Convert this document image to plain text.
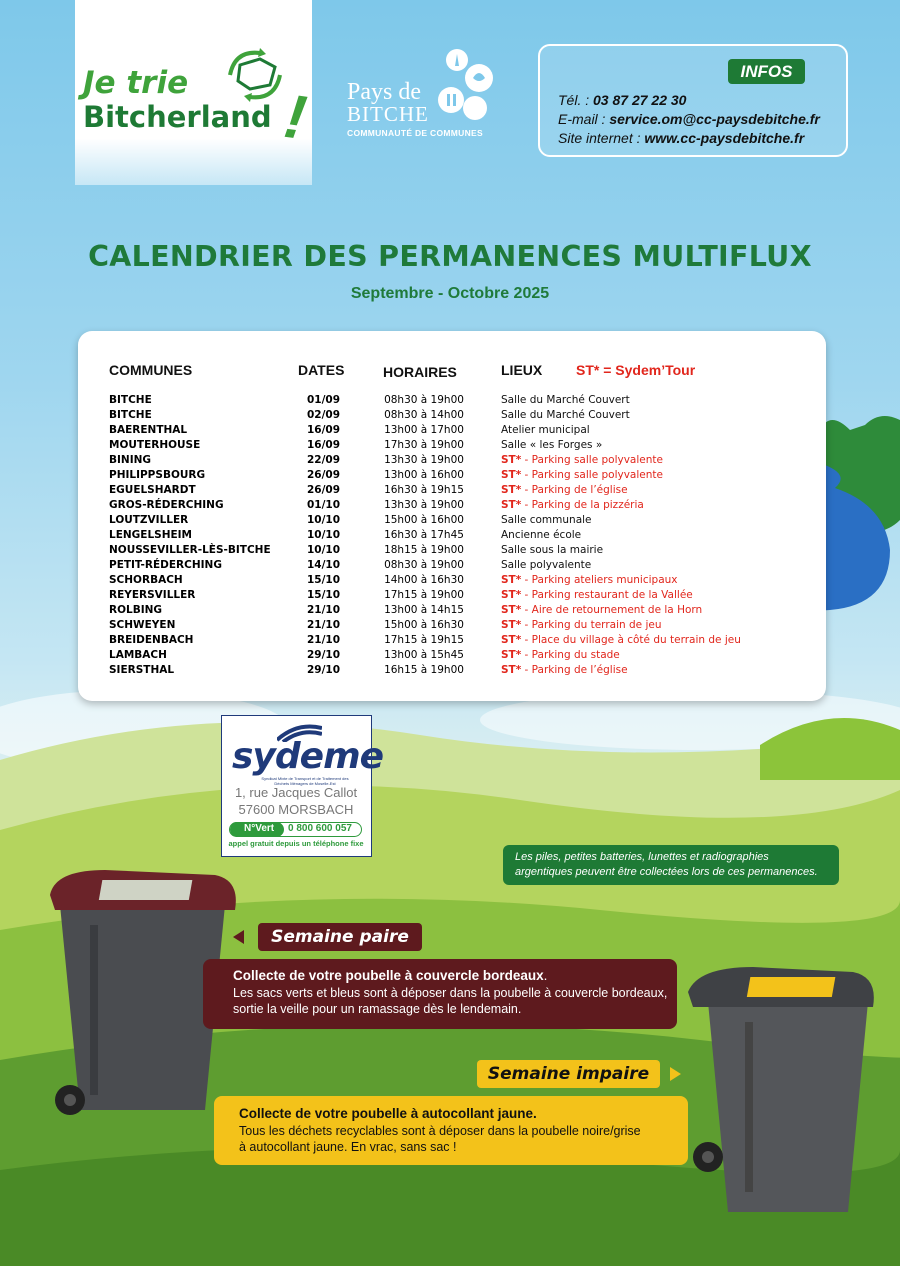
Je trie
Bitcherland ! Pays de
BITCHE
COMMUNAUTÉ DE COMMUNES
INFOS
Tél. : 03 87 27 22 30
E-mail : service.om@cc-paysdebitche.fr
Site internet : www.cc-paysdebitche.fr
CALENDRIER DES PERMANENCES MULTIFLUX
Septembre - Octobre 2025
COMMUNES	DATES	HORAIRES	LIEUX ST* = Sydem’Tour
BITCHE	01/09	08h30 à 19h00	Salle du Marché Couvert
BITCHE	02/09	08h30 à 14h00	Salle du Marché Couvert
BAERENTHAL	16/09	13h00 à 17h00	Atelier municipal
MOUTERHOUSE	16/09	17h30 à 19h00	Salle « les Forges »
BINING	22/09	13h30 à 19h00	ST* - Parking salle polyvalente
PHILIPPSBOURG	26/09	13h00 à 16h00	ST* - Parking salle polyvalente
EGUELSHARDT	26/09	16h30 à 19h15	ST* - Parking de l’église
GROS-RÉDERCHING	01/10	13h30 à 19h00	ST* - Parking de la pizzéria
LOUTZVILLER	10/10	15h00 à 16h00	Salle communale
LENGELSHEIM	10/10	16h30 à 17h45	Ancienne école
NOUSSEVILLER-LÈS-BITCHE	10/10	18h15 à 19h00	Salle sous la mairie
PETIT-RÉDERCHING	14/10	08h30 à 19h00	Salle polyvalente
SCHORBACH	15/10	14h00 à 16h30	ST* - Parking ateliers municipaux
REYERSVILLER	15/10	17h15 à 19h00	ST* - Parking restaurant de la Vallée
ROLBING	21/10	13h00 à 14h15	ST* - Aire de retournement de la Horn
SCHWEYEN	21/10	15h00 à 16h30	ST* - Parking du terrain de jeu
BREIDENBACH	21/10	17h15 à 19h15	ST* - Place du village à côté du terrain de jeu
LAMBACH	29/10	13h00 à 15h45	ST* - Parking du stade
SIERSTHAL	29/10	16h15 à 19h00	ST* - Parking de l’église
sydeme
Syndicat Mixte de Transport et de Traitement des Déchets Ménagers de Moselle-Est
1, rue Jacques Callot
57600 MORSBACH
N°Vert	0 800 600 057
appel gratuit depuis un téléphone fixe
Les piles, petites batteries, lunettes et radiographies
argentiques peuvent être collectées lors de ces permanences.
Semaine paire
Collecte de votre poubelle à couvercle bordeaux.
Les sacs verts et bleus sont à déposer dans la poubelle à couvercle bordeaux,
sortie la veille pour un ramassage dès le lendemain.
Semaine impaire
Collecte de votre poubelle à autocollant jaune.
Tous les déchets recyclables sont à déposer dans la poubelle noire/grise
à autocollant jaune. En vrac, sans sac !
